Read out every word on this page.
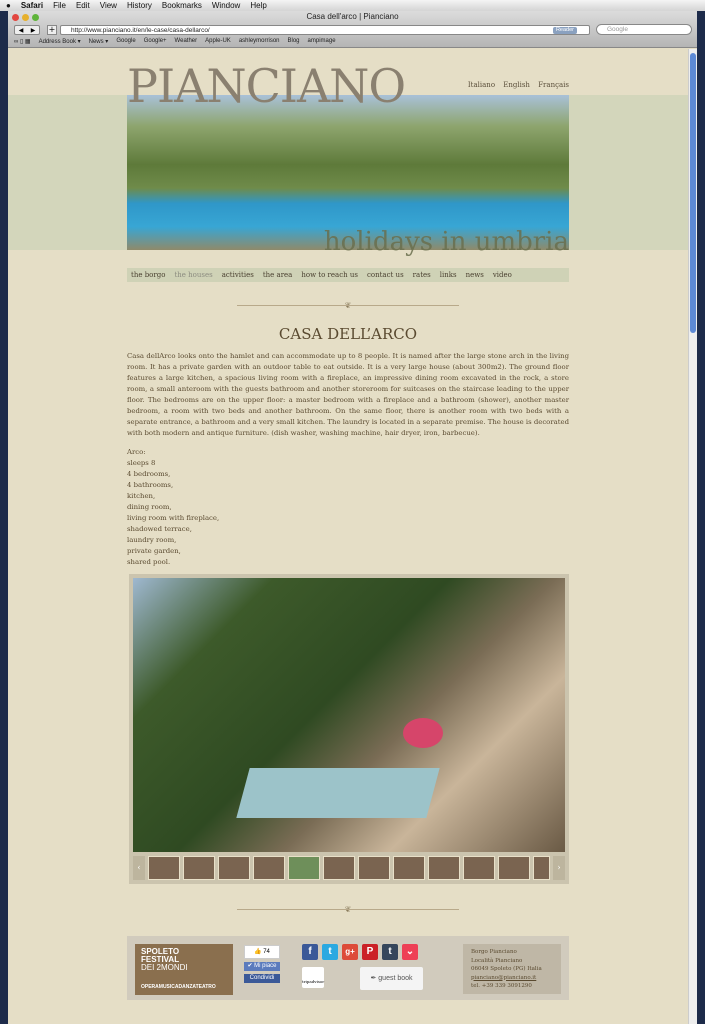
● Safari File Edit View History Bookmarks Window Help
Casa dell'arco | Pianciano
◀ ▶ +	http://www.pianciano.it/en/le-case/casa-dellarco/	Reader	Google
∞ ▯ ▦ Address Book ▾ News ▾ Google Google+ Weather Apple-UK ashleymorrison Blog ampimage
PIANCIANO	Italiano English Français
holidays in umbria
the borgo the houses activities the area how to reach us contact us rates links news video
❦
CASA DELL’ARCO

Casa dellArco looks onto the hamlet and can accommodate up to 8 people. It is named after the large stone arch in the living room. It has a private garden with an outdoor table to eat outside. It is a very large house (about 300m2). The ground floor features a large kitchen, a spacious living room with a fireplace, an impressive dining room excavated in the rock, a store room, a small anteroom with the guests bathroom and another storeroom for suitcases on the staircase leading to the upper floor. The bedrooms are on the upper floor: a master bedroom with a fireplace and a bathroom (shower), another master bedroom, a room with two beds and another bathroom. On the same floor, there is another room with two beds with a separate entrance, a bathroom and a very small kitchen. The laundry is located in a separate premise. The house is decorated with both modern and antique furniture. (dish washer, washing machine, hair dryer, iron, barbecue).

Arco:
sleeps 8
4 bedrooms,
4 bathrooms,
kitchen,
dining room,
living room with fireplace,
shadowed terrace,
laundry room,
private garden,
shared pool.
‹	›
❦
SPOLETO
FESTIVAL
DEI 2MONDI
OPERAMUSICADANZATEATRO
👍 74
✔ Mi piace
Condividi
f	t	g+	P	t	⌄
tripadvisor	✒ guest book
Borgo Pianciano
Località Pianciano
06049 Spoleto (PG) Italia
pianciano@pianciano.it
tel. +39 339 3091290
